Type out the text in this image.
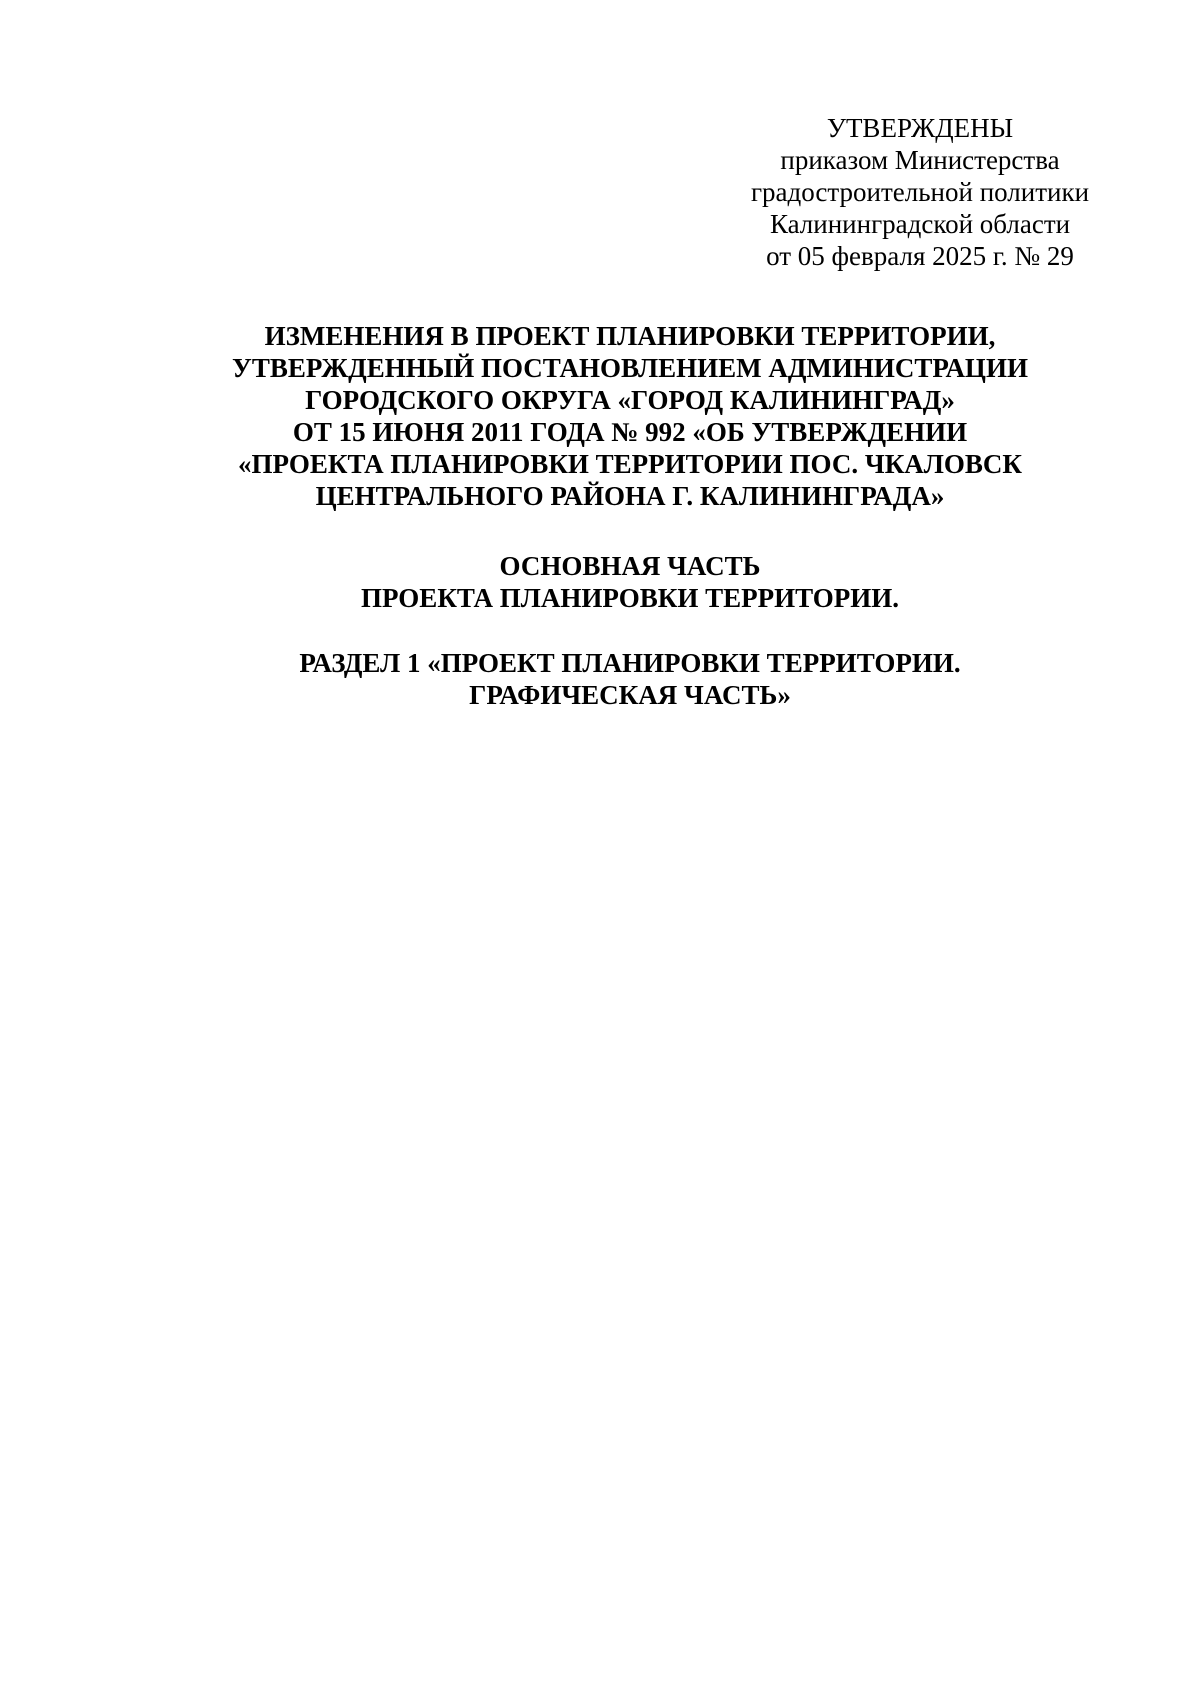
УТВЕРЖДЕНЫ
приказом Министерства
градостроительной политики
Калининградской области
от 05 февраля 2025 г. № 29
ИЗМЕНЕНИЯ В ПРОЕКТ ПЛАНИРОВКИ ТЕРРИТОРИИ,
УТВЕРЖДЕННЫЙ ПОСТАНОВЛЕНИЕМ АДМИНИСТРАЦИИ
ГОРОДСКОГО ОКРУГА «ГОРОД КАЛИНИНГРАД»
ОТ 15 ИЮНЯ 2011 ГОДА № 992 «ОБ УТВЕРЖДЕНИИ
«ПРОЕКТА ПЛАНИРОВКИ ТЕРРИТОРИИ ПОС. ЧКАЛОВСК
ЦЕНТРАЛЬНОГО РАЙОНА Г. КАЛИНИНГРАДА»
ОСНОВНАЯ ЧАСТЬ
ПРОЕКТА ПЛАНИРОВКИ ТЕРРИТОРИИ.
РАЗДЕЛ 1 «ПРОЕКТ ПЛАНИРОВКИ ТЕРРИТОРИИ.
ГРАФИЧЕСКАЯ ЧАСТЬ»
